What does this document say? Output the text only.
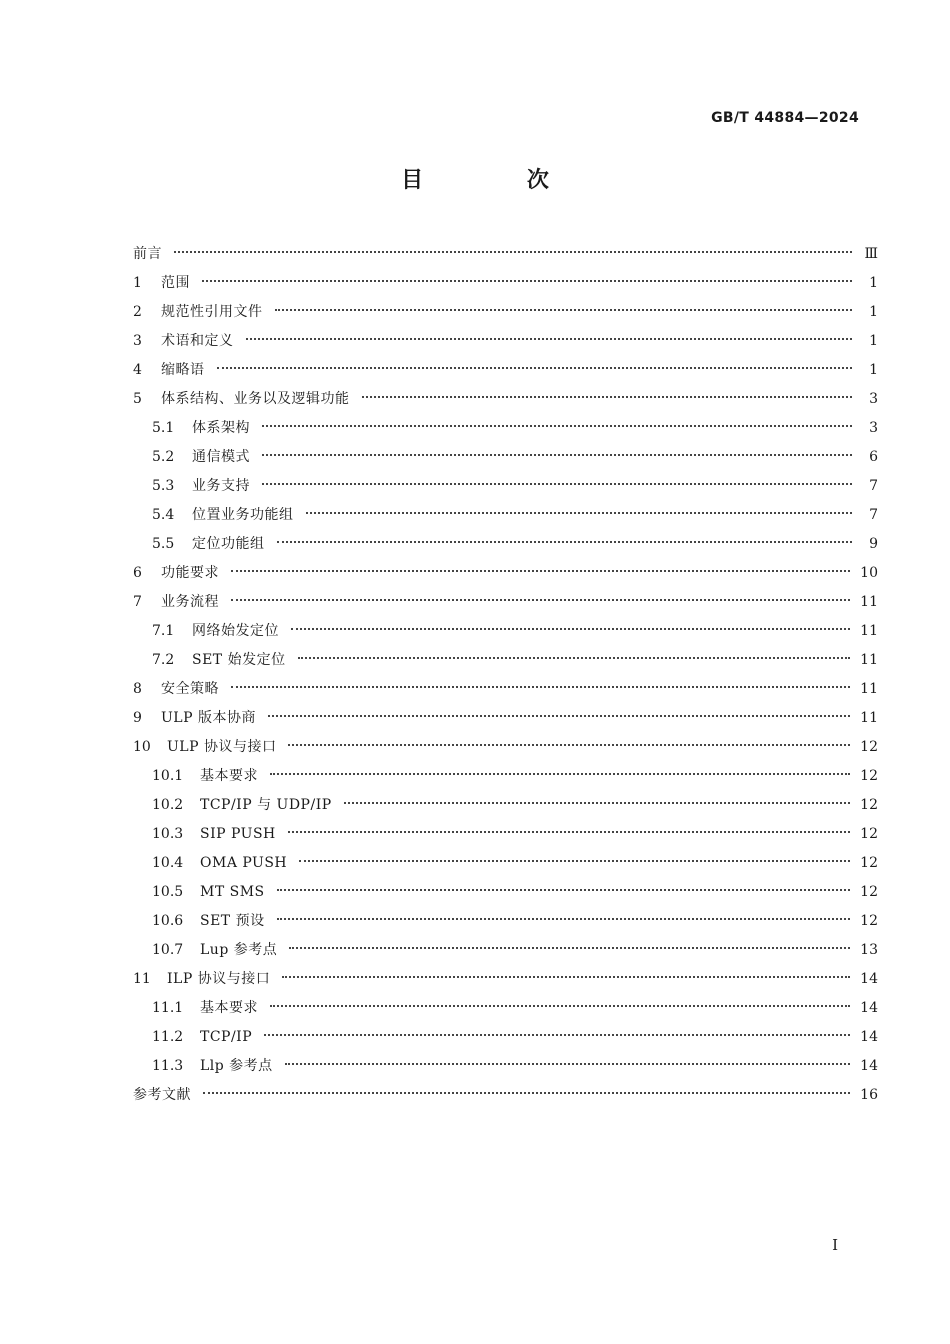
GB/T 44884—2024
目 次
前言	Ⅲ
1	范围	1
2	规范性引用文件	1
3	术语和定义	1
4	缩略语	1
5	体系结构、业务以及逻辑功能	3
5.1	体系架构	3
5.2	通信模式	6
5.3	业务支持	7
5.4	位置业务功能组	7
5.5	定位功能组	9
6	功能要求	10
7	业务流程	11
7.1	网络始发定位	11
7.2	SET 始发定位	11
8	安全策略	11
9	ULP 版本协商	11
10 ULP 协议与接口	12
10.1	基本要求	12
10.2	TCP/IP 与 UDP/IP	12
10.3	SIP PUSH	12
10.4	OMA PUSH	12
10.5	MT SMS	12
10.6	SET 预设	12
10.7	Lup 参考点	13
11 ILP 协议与接口	14
11.1	基本要求	14
11.2	TCP/IP	14
11.3	Llp 参考点	14
参考文献	16
I
